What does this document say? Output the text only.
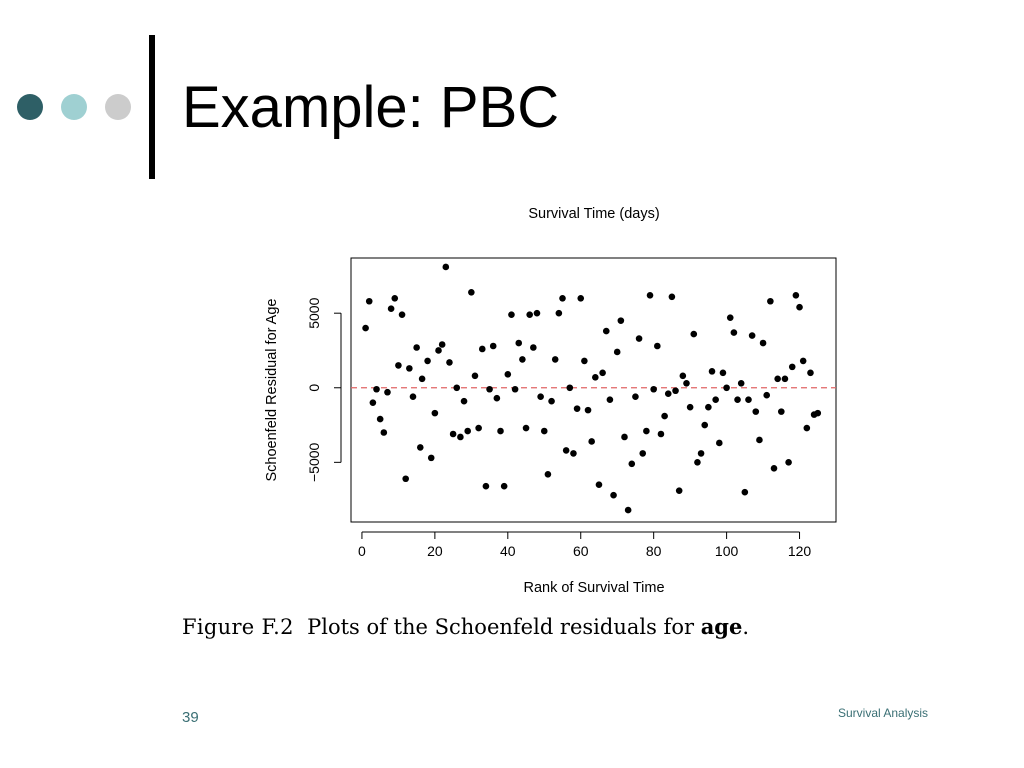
Example: PBC
0	20	40	60	80	100	120
−5000
0
5000
Survival Time (days)
Rank of Survival Time
Schoenfeld Residual for Age
Figure F.2 Plots of the Schoenfeld residuals for age.
39	Survival Analysis
